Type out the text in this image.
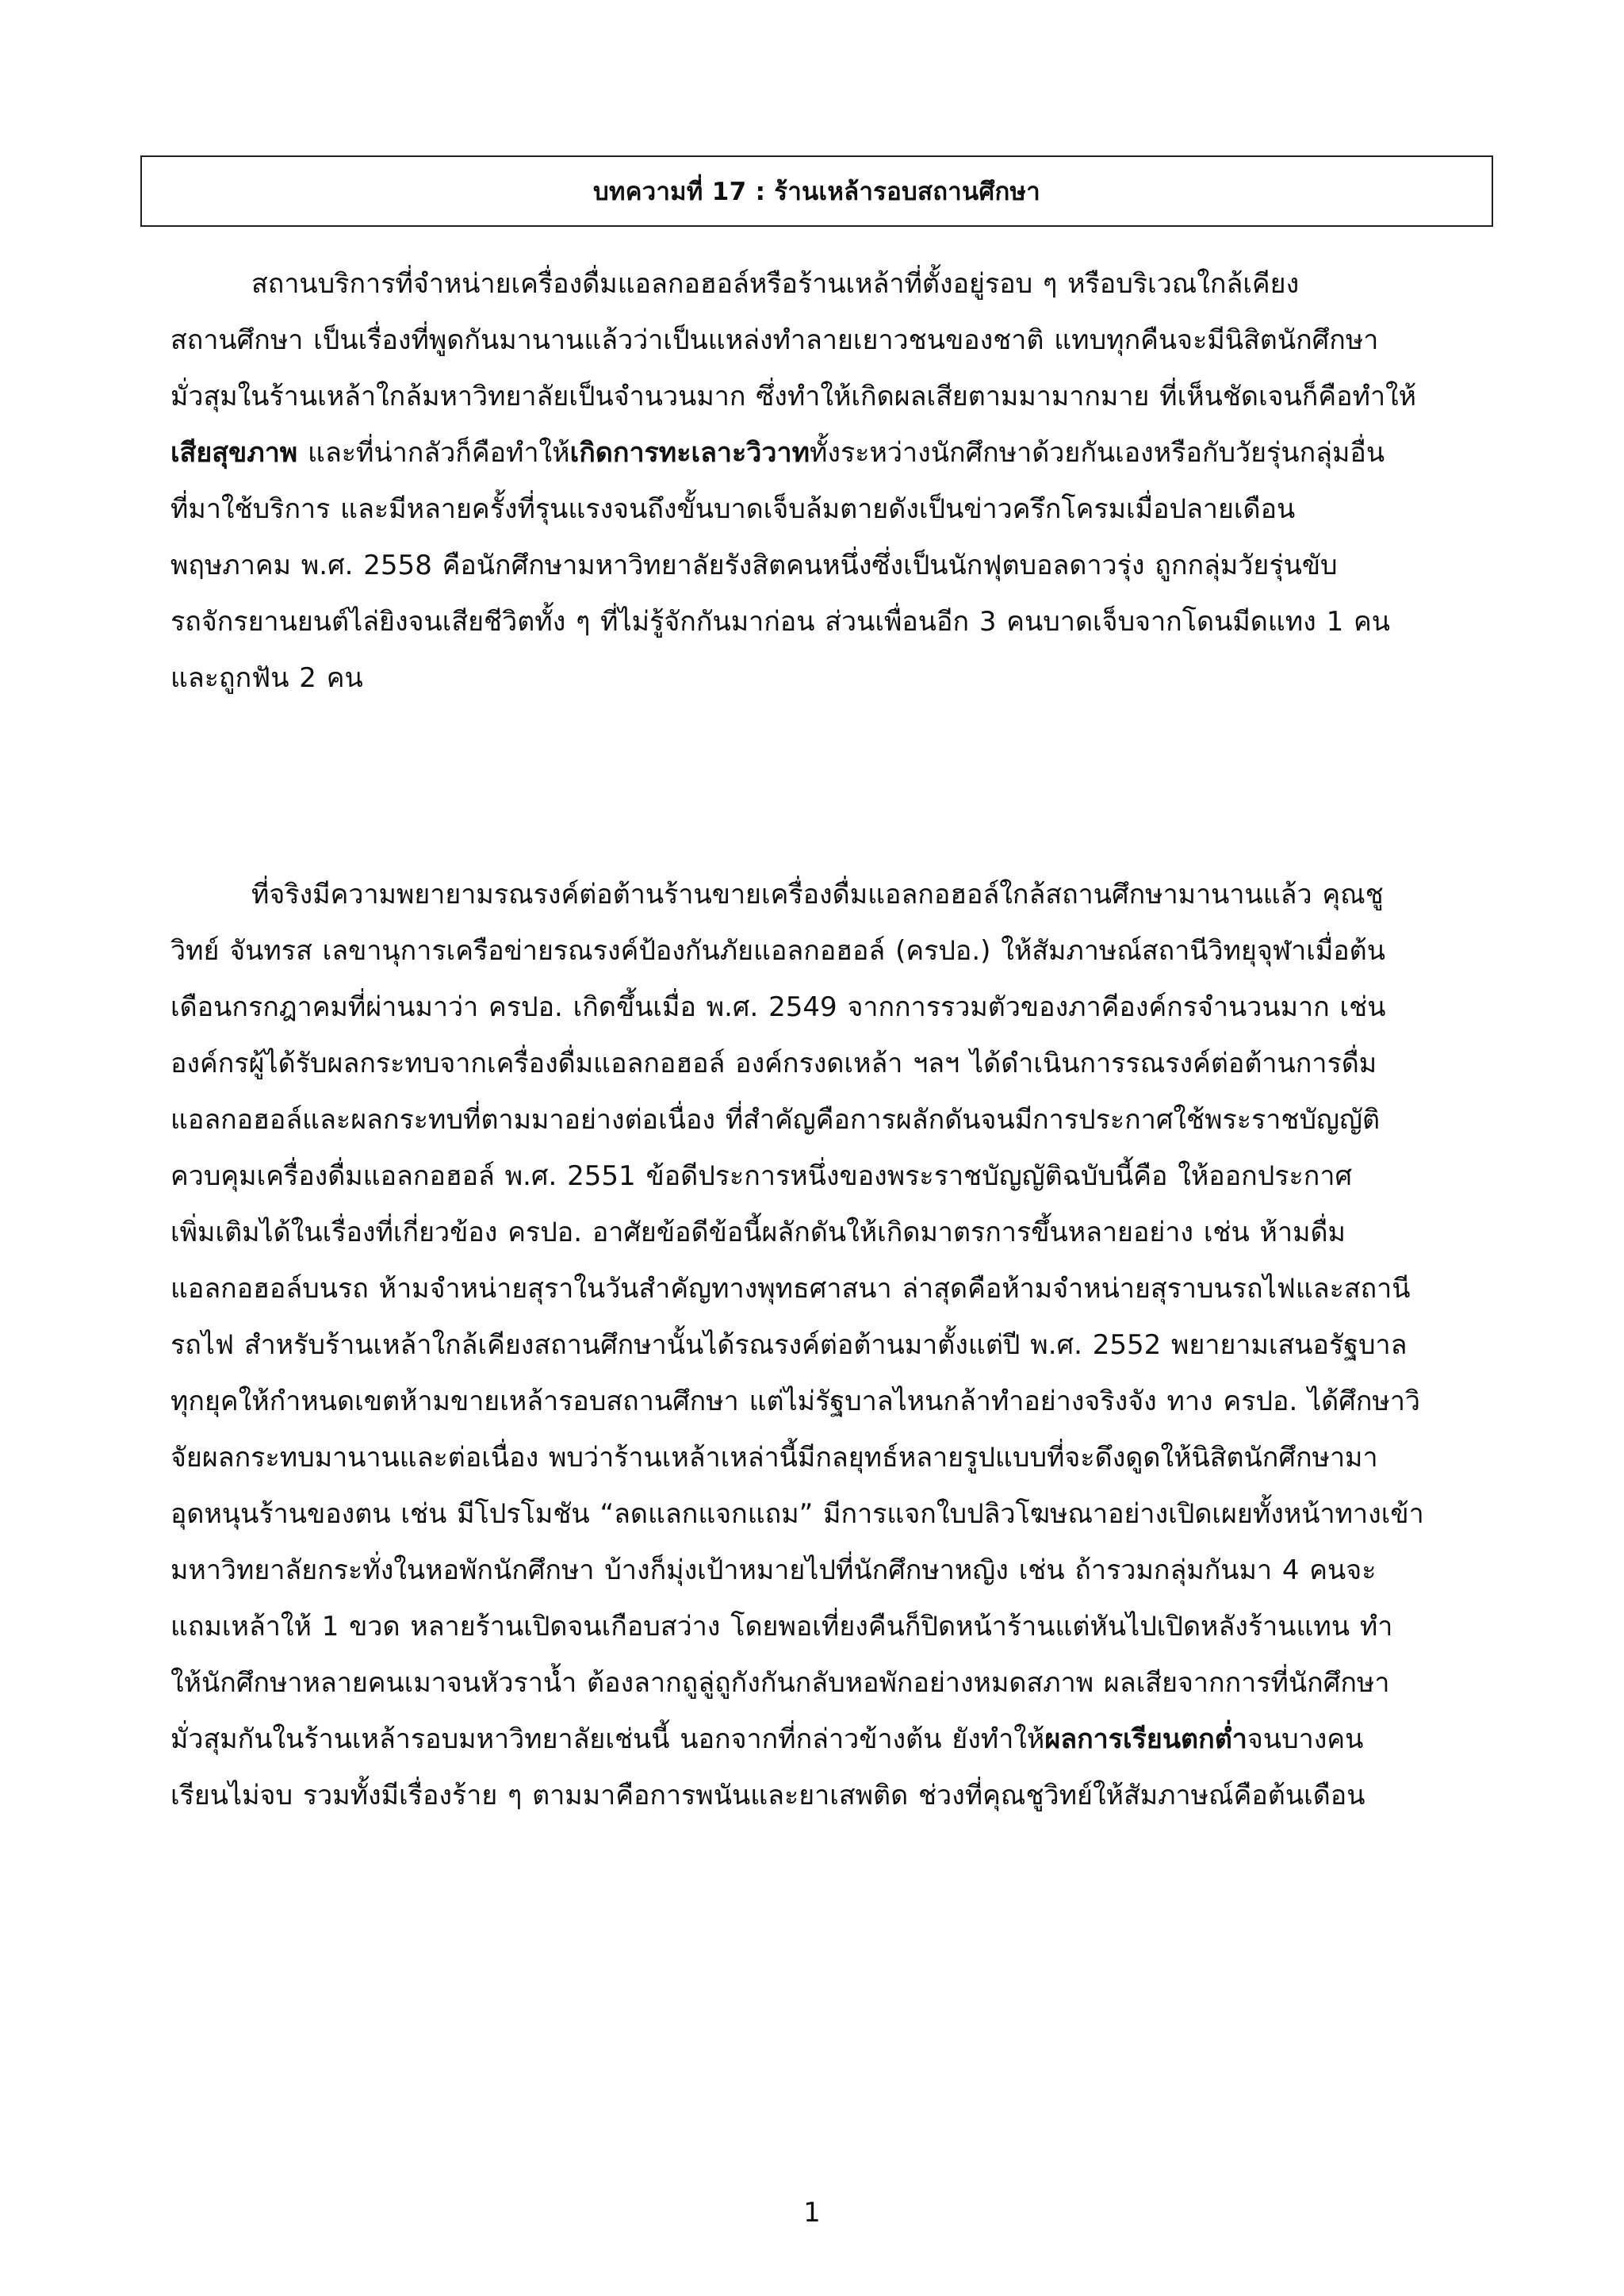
บทความที่ 17 : ร้านเหล้ารอบสถานศึกษา
สถานบริการที่จำหน่ายเครื่องดื่มแอลกอฮอล์หรือร้านเหล้าที่ตั้งอยู่รอบ ๆ หรือบริเวณใกล้เคียง
สถานศึกษา เป็นเรื่องที่พูดกันมานานแล้วว่าเป็นแหล่งทำลายเยาวชนของชาติ แทบทุกคืนจะมีนิสิตนักศึกษา
มั่วสุมในร้านเหล้าใกล้มหาวิทยาลัยเป็นจำนวนมาก ซึ่งทำให้เกิดผลเสียตามมามากมาย ที่เห็นชัดเจนก็คือทำให้
เสียสุขภาพ และที่น่ากลัวก็คือทำให้เกิดการทะเลาะวิวาททั้งระหว่างนักศึกษาด้วยกันเองหรือกับวัยรุ่นกลุ่มอื่น
ที่มาใช้บริการ และมีหลายครั้งที่รุนแรงจนถึงขั้นบาดเจ็บล้มตายดังเป็นข่าวครึกโครมเมื่อปลายเดือน
พฤษภาคม พ.ศ. 2558 คือนักศึกษามหาวิทยาลัยรังสิตคนหนึ่งซึ่งเป็นนักฟุตบอลดาวรุ่ง ถูกกลุ่มวัยรุ่นขับ
รถจักรยานยนต์ไล่ยิงจนเสียชีวิตทั้ง ๆ ที่ไม่รู้จักกันมาก่อน ส่วนเพื่อนอีก 3 คนบาดเจ็บจากโดนมีดแทง 1 คน
และถูกฟัน 2 คน
ที่จริงมีความพยายามรณรงค์ต่อต้านร้านขายเครื่องดื่มแอลกอฮอล์ใกล้สถานศึกษามานานแล้ว คุณชู
วิทย์ จันทรส เลขานุการเครือข่ายรณรงค์ป้องกันภัยแอลกอฮอล์ (ครปอ.) ให้สัมภาษณ์สถานีวิทยุจุฬาเมื่อต้น
เดือนกรกฎาคมที่ผ่านมาว่า ครปอ. เกิดขึ้นเมื่อ พ.ศ. 2549 จากการรวมตัวของภาคีองค์กรจำนวนมาก เช่น
องค์กรผู้ได้รับผลกระทบจากเครื่องดื่มแอลกอฮอล์ องค์กรงดเหล้า ฯลฯ ได้ดำเนินการรณรงค์ต่อต้านการดื่ม
แอลกอฮอล์และผลกระทบที่ตามมาอย่างต่อเนื่อง ที่สำคัญคือการผลักดันจนมีการประกาศใช้พระราชบัญญัติ
ควบคุมเครื่องดื่มแอลกอฮอล์ พ.ศ. 2551 ข้อดีประการหนึ่งของพระราชบัญญัติฉบับนี้คือ ให้ออกประกาศ
เพิ่มเติมได้ในเรื่องที่เกี่ยวข้อง ครปอ. อาศัยข้อดีข้อนี้ผลักดันให้เกิดมาตรการขึ้นหลายอย่าง เช่น ห้ามดื่ม
แอลกอฮอล์บนรถ ห้ามจำหน่ายสุราในวันสำคัญทางพุทธศาสนา ล่าสุดคือห้ามจำหน่ายสุราบนรถไฟและสถานี
รถไฟ สำหรับร้านเหล้าใกล้เคียงสถานศึกษานั้นได้รณรงค์ต่อต้านมาตั้งแต่ปี พ.ศ. 2552 พยายามเสนอรัฐบาล
ทุกยุคให้กำหนดเขตห้ามขายเหล้ารอบสถานศึกษา แต่ไม่รัฐบาลไหนกล้าทำอย่างจริงจัง ทาง ครปอ. ได้ศึกษาวิ
จัยผลกระทบมานานและต่อเนื่อง พบว่าร้านเหล้าเหล่านี้มีกลยุทธ์หลายรูปแบบที่จะดึงดูดให้นิสิตนักศึกษามา
อุดหนุนร้านของตน เช่น มีโปรโมชัน “ลดแลกแจกแถม” มีการแจกใบปลิวโฆษณาอย่างเปิดเผยทั้งหน้าทางเข้า
มหาวิทยาลัยกระทั่งในหอพักนักศึกษา บ้างก็มุ่งเป้าหมายไปที่นักศึกษาหญิง เช่น ถ้ารวมกลุ่มกันมา 4 คนจะ
แถมเหล้าให้ 1 ขวด หลายร้านเปิดจนเกือบสว่าง โดยพอเที่ยงคืนก็ปิดหน้าร้านแต่หันไปเปิดหลังร้านแทน ทำ
ให้นักศึกษาหลายคนเมาจนหัวราน้ำ ต้องลากถูลู่ถูกังกันกลับหอพักอย่างหมดสภาพ ผลเสียจากการที่นักศึกษา
มั่วสุมกันในร้านเหล้ารอบมหาวิทยาลัยเช่นนี้ นอกจากที่กล่าวข้างต้น ยังทำให้ผลการเรียนตกต่ำจนบางคน
เรียนไม่จบ รวมทั้งมีเรื่องร้าย ๆ ตามมาคือการพนันและยาเสพติด ช่วงที่คุณชูวิทย์ให้สัมภาษณ์คือต้นเดือน
1
